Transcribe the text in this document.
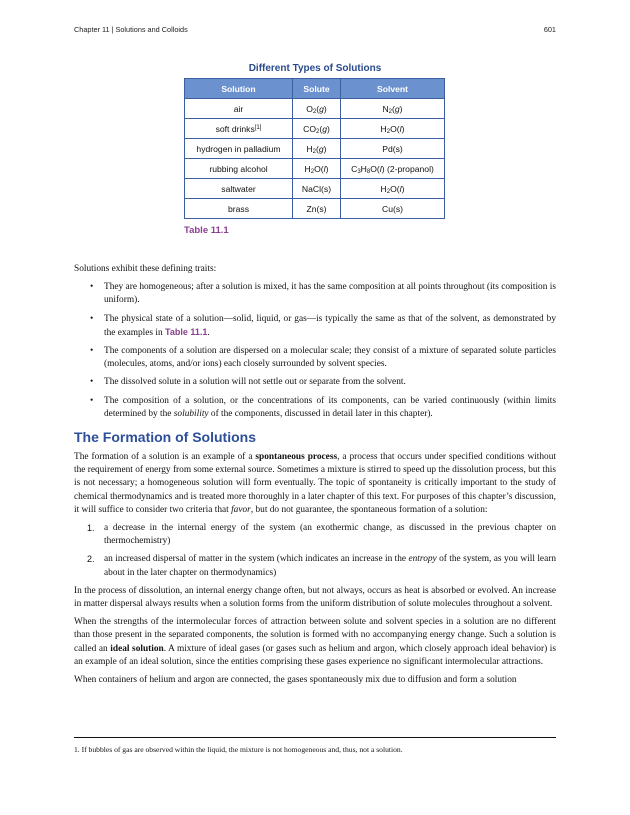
Chapter 11 | Solutions and Colloids	601
Different Types of Solutions
Solution	Solute	Solvent
air	$O_2(g)$	$N_2(g)$
soft drinks[1]	$CO_2(g)$	$H_2O(l)$
hydrogen in palladium	$H_2(g)$	Pd(s)
rubbing alcohol	$H_2O(l)$	$C_3H_8O(l)$ (2-propanol)
saltwater	NaCl(s)	$H_2O(l)$
brass	Zn(s)	Cu(s)
Table 11.1

Solutions exhibit these defining traits:

• They are homogeneous; after a solution is mixed, it has the same composition at all points throughout (its composition is uniform).
• The physical state of a solution—solid, liquid, or gas—is typically the same as that of the solvent, as demonstrated by the examples in Table 11.1.
• The components of a solution are dispersed on a molecular scale; they consist of a mixture of separated solute particles (molecules, atoms, and/or ions) each closely surrounded by solvent species.
• The dissolved solute in a solution will not settle out or separate from the solvent.
• The composition of a solution, or the concentrations of its components, can be varied continuously (within limits determined by the solubility of the components, discussed in detail later in this chapter).
The Formation of Solutions

The formation of a solution is an example of a spontaneous process, a process that occurs under specified conditions without the requirement of energy from some external source. Sometimes a mixture is stirred to speed up the dissolution process, but this is not necessary; a homogeneous solution will form eventually. The topic of spontaneity is critically important to the study of chemical thermodynamics and is treated more thoroughly in a later chapter of this text. For purposes of this chapter’s discussion, it will suffice to consider two criteria that favor, but do not guarantee, the spontaneous formation of a solution:

1. a decrease in the internal energy of the system (an exothermic change, as discussed in the previous chapter on thermochemistry)
2. an increased dispersal of matter in the system (which indicates an increase in the entropy of the system, as you will learn about in the later chapter on thermodynamics)

In the process of dissolution, an internal energy change often, but not always, occurs as heat is absorbed or evolved. An increase in matter dispersal always results when a solution forms from the uniform distribution of solute molecules throughout a solvent.

When the strengths of the intermolecular forces of attraction between solute and solvent species in a solution are no different than those present in the separated components, the solution is formed with no accompanying energy change. Such a solution is called an ideal solution. A mixture of ideal gases (or gases such as helium and argon, which closely approach ideal behavior) is an example of an ideal solution, since the entities comprising these gases experience no significant intermolecular attractions.

When containers of helium and argon are connected, the gases spontaneously mix due to diffusion and form a solution

1. If bubbles of gas are observed within the liquid, the mixture is not homogeneous and, thus, not a solution.
